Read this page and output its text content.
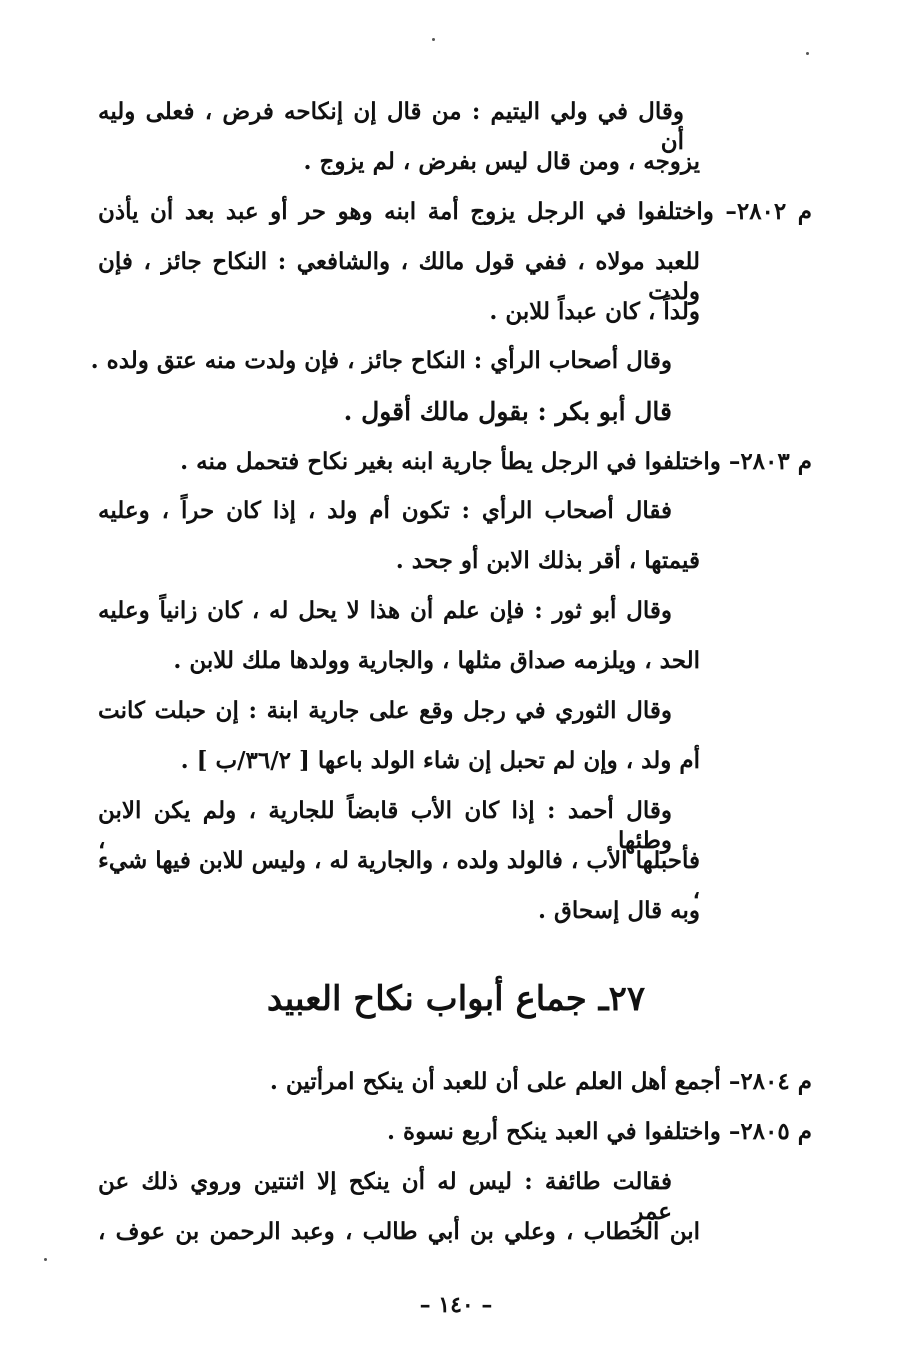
وقال في ولي اليتيم : من قال إن إنكاحه فرض ، فعلى وليه أن
يزوجه ، ومن قال ليس بفرض ، لم يزوج .
م ٢٨٠٢– واختلفوا في الرجل يزوج أمة ابنه وهو حر أو عبد بعد أن يأذن
للعبد مولاه ، ففي قول مالك ، والشافعي : النكاح جائز ، فإن ولدت
ولداً ، كان عبداً للابن .
وقال أصحاب الرأي : النكاح جائز ، فإن ولدت منه عتق ولده .
قال أبو بكر : بقول مالك أقول .
م ٢٨٠٣– واختلفوا في الرجل يطأ جارية ابنه بغير نكاح فتحمل منه .
فقال أصحاب الرأي : تكون أم ولد ، إذا كان حراً ، وعليه
قيمتها ، أقر بذلك الابن أو جحد .
وقال أبو ثور : فإن علم أن هذا لا يحل له ، كان زانياً وعليه
الحد ، ويلزمه صداق مثلها ، والجارية وولدها ملك للابن .
وقال الثوري في رجل وقع على جارية ابنة : إن حبلت كانت
أم ولد ، وإن لم تحبل إن شاء الولد باعها [ ٣٦/٢/ب ] .
وقال أحمد : إذا كان الأب قابضاً للجارية ، ولم يكن الابن وطئها ،
فأحبلها الأب ، فالولد ولده ، والجارية له ، وليس للابن فيها شيء ،
وبه قال إسحاق .
٢٧ـ جماع أبواب نكاح العبيد
م ٢٨٠٤– أجمع أهل العلم على أن للعبد أن ينكح امرأتين .
م ٢٨٠٥– واختلفوا في العبد ينكح أربع نسوة .
فقالت طائفة : ليس له أن ينكح إلا اثنتين وروي ذلك عن عمر
ابن الخطاب ، وعلي بن أبي طالب ، وعبد الرحمن بن عوف ،
– ١٤٠ –
